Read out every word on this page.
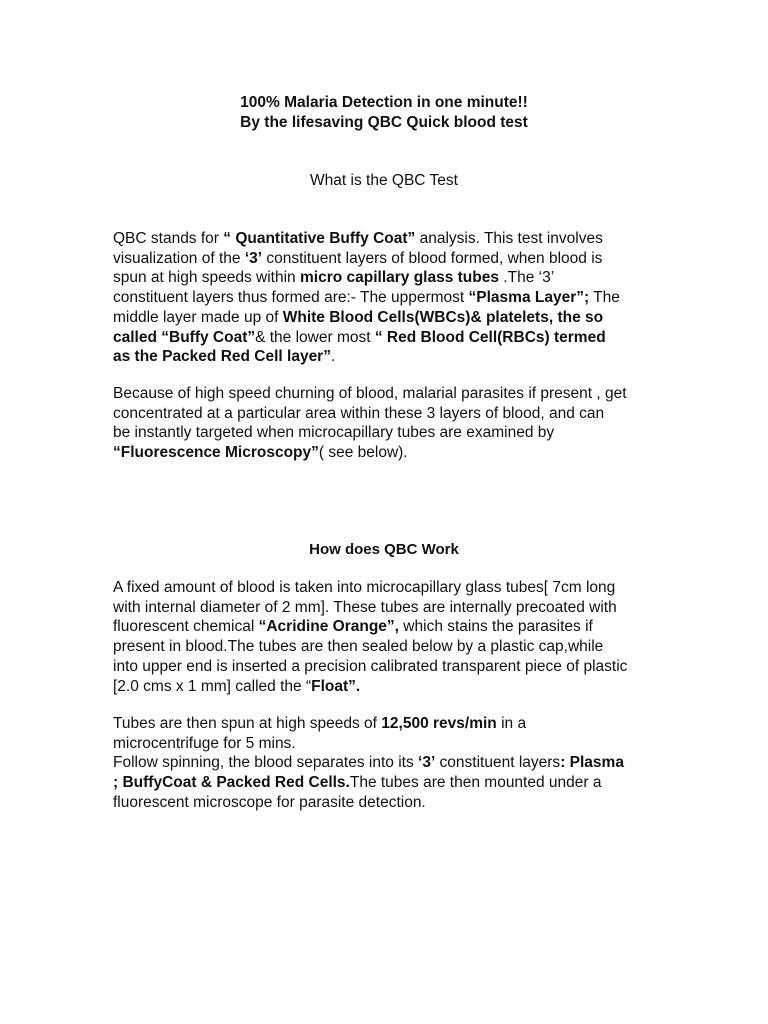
100% Malaria Detection in one minute!!
By the lifesaving QBC Quick blood test
What is the QBC Test
QBC stands for “ Quantitative Buffy Coat” analysis. This test involves
visualization of the ‘3’ constituent layers of blood formed, when blood is
spun at high speeds within micro capillary glass tubes .The ‘3’
constituent layers thus formed are:- The uppermost “Plasma Layer”; The
middle layer made up of White Blood Cells(WBCs)& platelets, the so
called “Buffy Coat”& the lower most “ Red Blood Cell(RBCs) termed
as the Packed Red Cell layer”.
Because of high speed churning of blood, malarial parasites if present , get
concentrated at a particular area within these 3 layers of blood, and can
be instantly targeted when microcapillary tubes are examined by
“Fluorescence Microscopy”( see below).
How does QBC Work
A fixed amount of blood is taken into microcapillary glass tubes[ 7cm long
with internal diameter of 2 mm]. These tubes are internally precoated with
fluorescent chemical “Acridine Orange”, which stains the parasites if
present in blood.The tubes are then sealed below by a plastic cap,while
into upper end is inserted a precision calibrated transparent piece of plastic
[2.0 cms x 1 mm] called the “Float”.
Tubes are then spun at high speeds of 12,500 revs/min in a
microcentrifuge for 5 mins.
Follow spinning, the blood separates into its ‘3’ constituent layers: Plasma
; BuffyCoat & Packed Red Cells.The tubes are then mounted under a
fluorescent microscope for parasite detection.
